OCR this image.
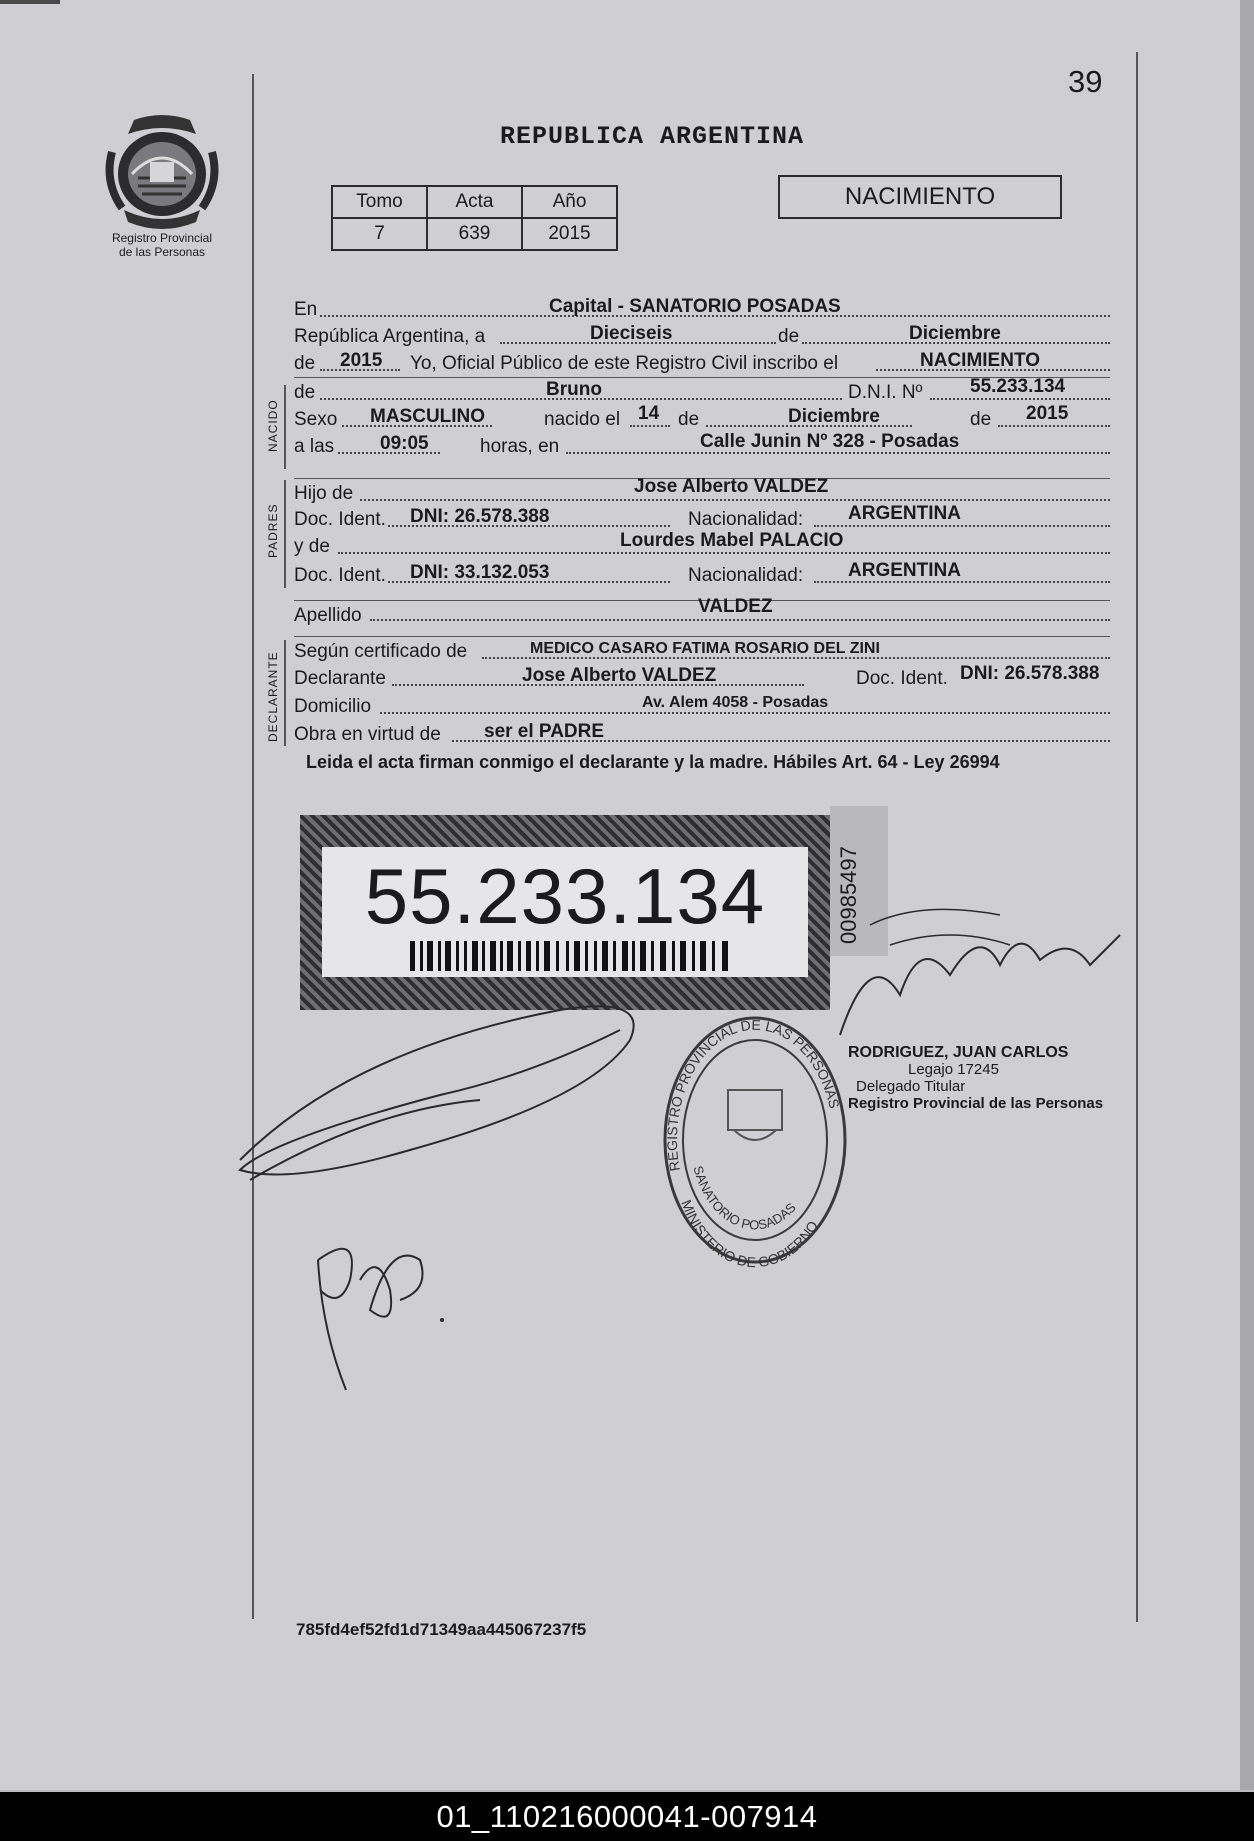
39
Registro Provincial
de las Personas
REPUBLICA ARGENTINA
Tomo	Acta	Año
7	639	2015
NACIMIENTO
NACIDO
PADRES
DECLARANTE
En	Capital - SANATORIO POSADAS
República Argentina, a	Dieciseis	de	Diciembre
de 2015 Yo, Oficial Público de este Registro Civil inscribo el	NACIMIENTO
de	Bruno	D.N.I. Nº	55.233.134
Sexo MASCULINO	nacido el 14 de	Diciembre	de 2015
a las 09:05	horas, en	Calle Junin Nº 328 - Posadas
Hijo de	Jose Alberto VALDEZ
Doc. Ident. DNI: 26.578.388	Nacionalidad: ARGENTINA
y de	Lourdes Mabel PALACIO
Doc. Ident. DNI: 33.132.053	Nacionalidad: ARGENTINA
Apellido	VALDEZ
Según certificado de	MEDICO CASARO FATIMA ROSARIO DEL ZINI
Declarante	Jose Alberto VALDEZ	Doc. Ident. DNI: 26.578.388
Domicilio	Av. Alem 4058 - Posadas
Obra en virtud de ser el PADRE
Leida el acta firman conmigo el declarante y la madre. Hábiles Art. 64 - Ley 26994
55.233.134	00985497
REGISTRO PROVINCIAL DE LAS PERSONAS
SANATORIO POSADAS
MINISTERIO DE GOBIERNO
RODRIGUEZ, JUAN CARLOS
Legajo 17245
Delegado Titular
Registro Provincial de las Personas
785fd4ef52fd1d71349aa445067237f5
01_110216000041-007914
